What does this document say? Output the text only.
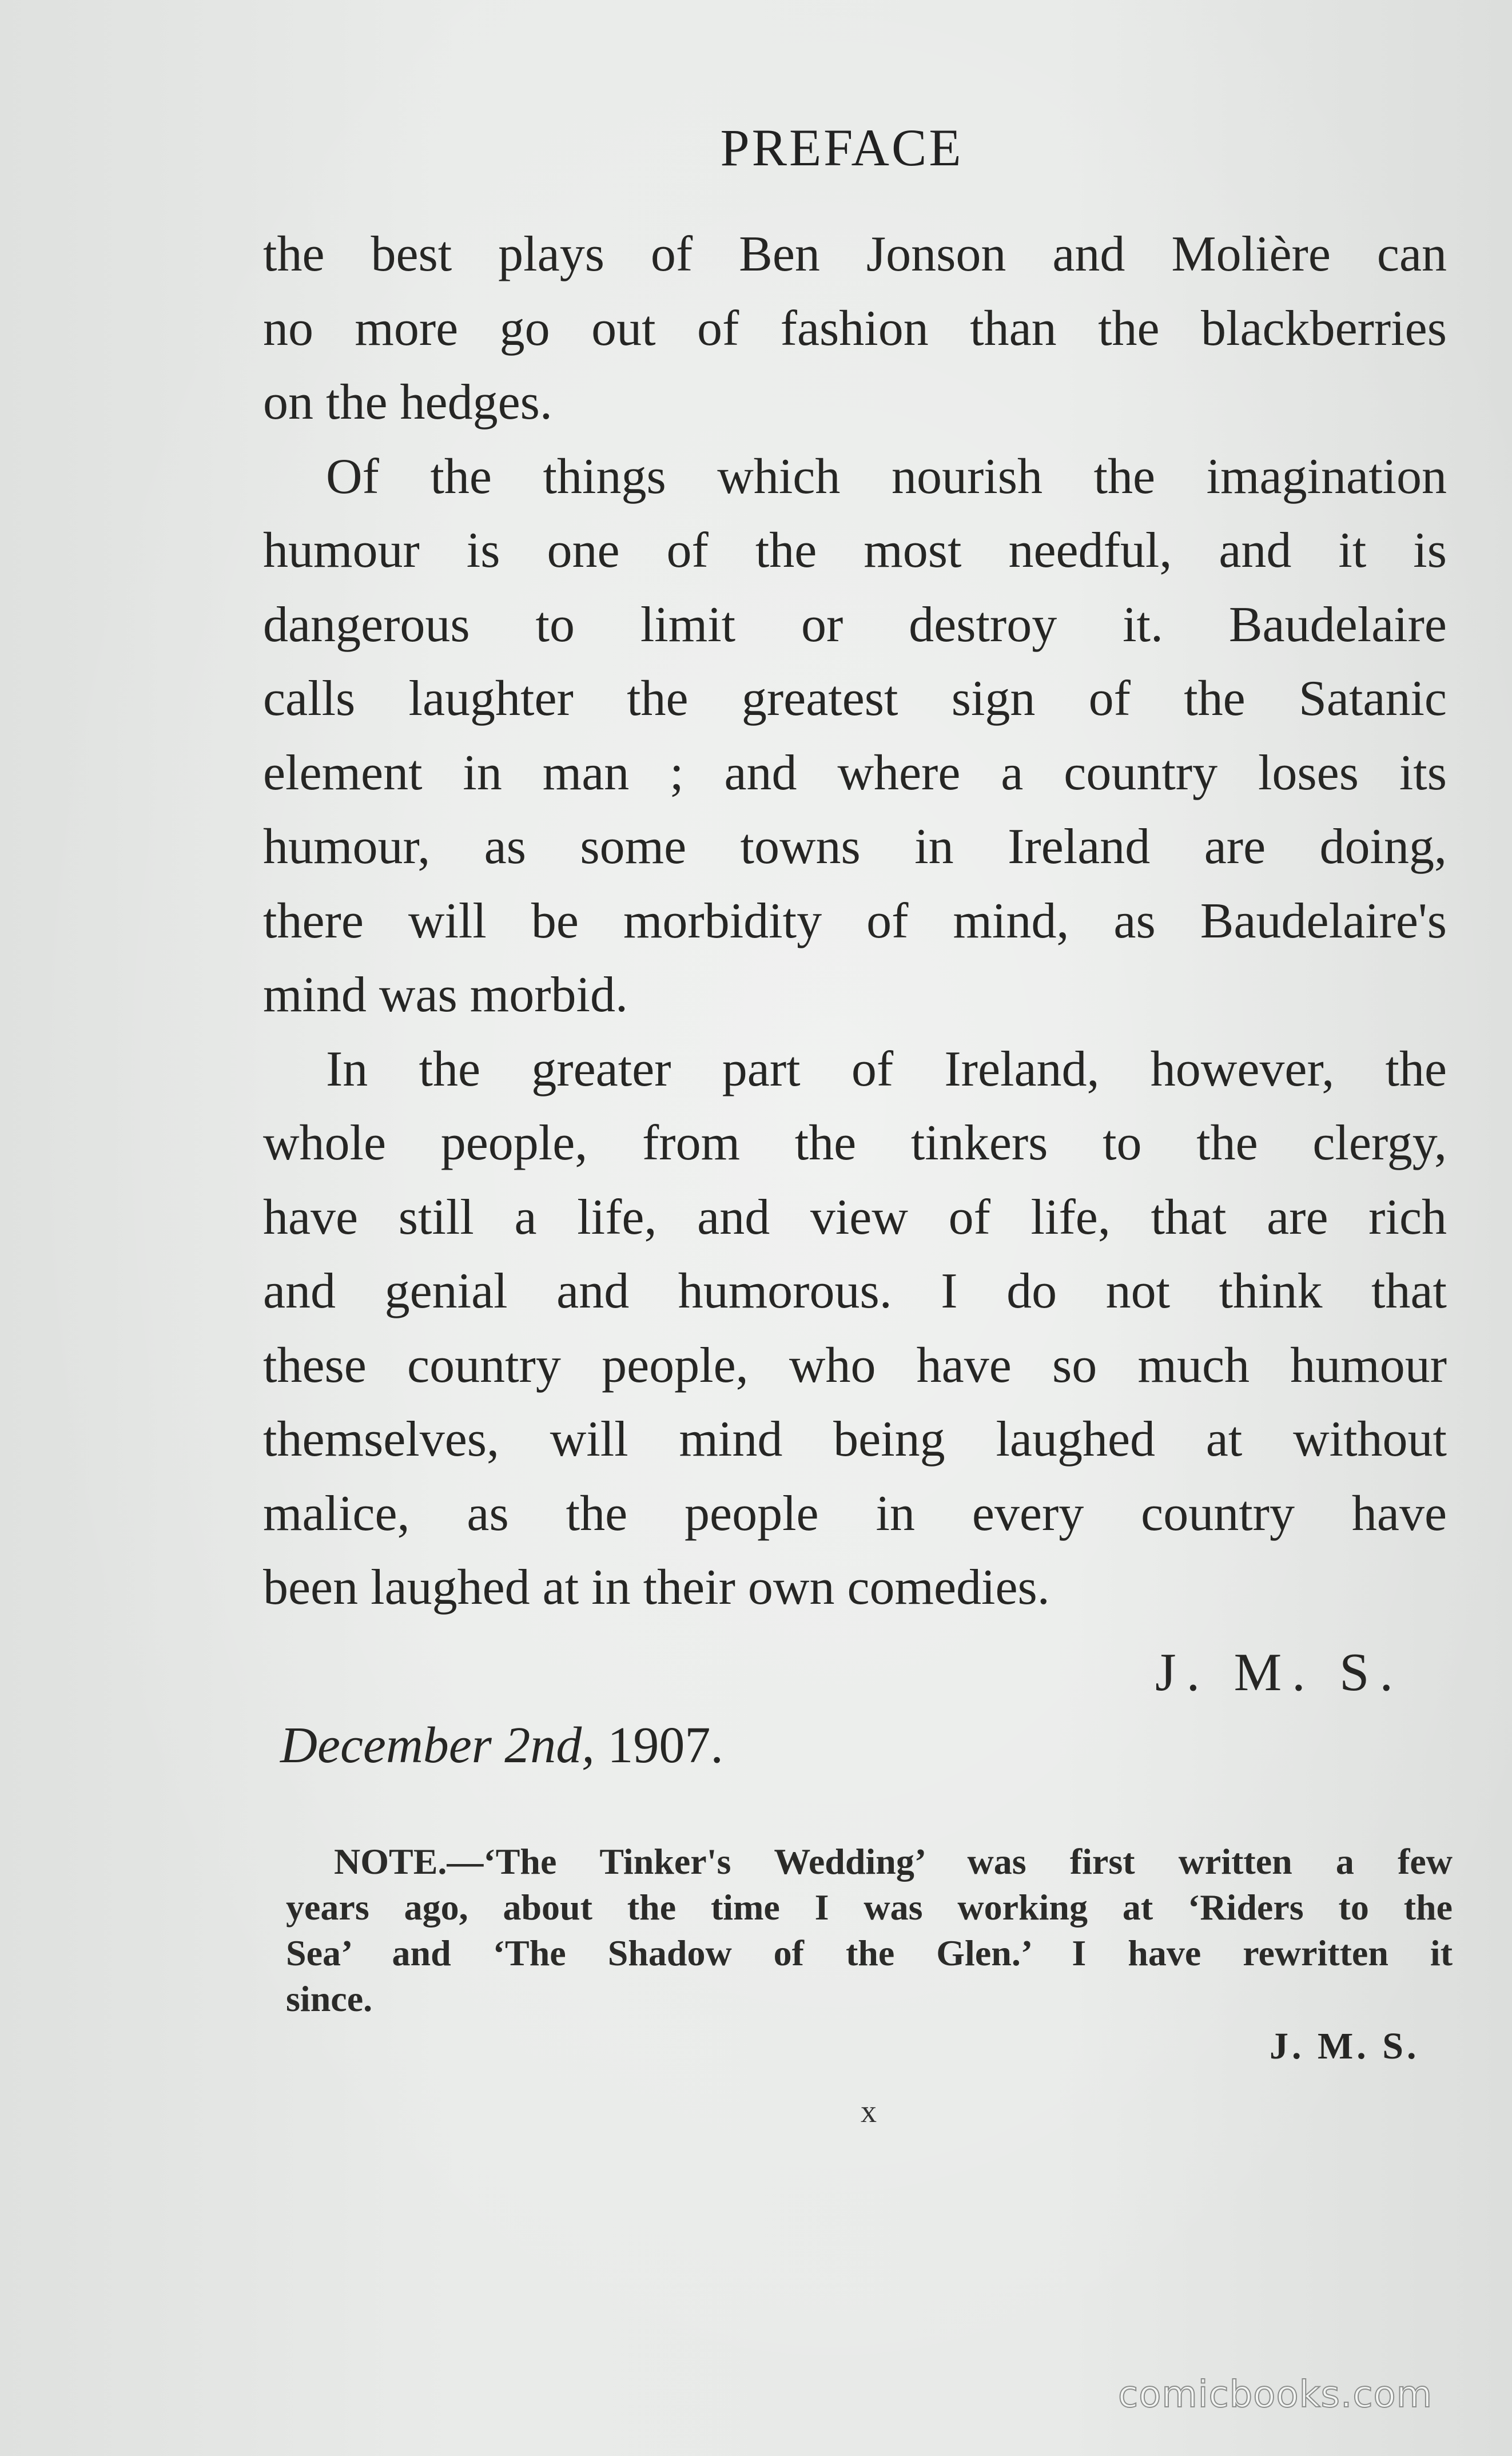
PREFACE

the best plays of Ben Jonson and Molière can
no more go out of fashion than the blackberries
on the hedges.

Of the things which nourish the imagination
humour is one of the most needful, and it is
dangerous to limit or destroy it. Baudelaire
calls laughter the greatest sign of the Satanic
element in man ; and where a country loses its
humour, as some towns in Ireland are doing,
there will be morbidity of mind, as Baudelaire's
mind was morbid.

In the greater part of Ireland, however, the
whole people, from the tinkers to the clergy,
have still a life, and view of life, that are rich
and genial and humorous. I do not think that
these country people, who have so much humour
themselves, will mind being laughed at without
malice, as the people in every country have
been laughed at in their own comedies.

J. M. S.
December 2nd, 1907.
NOTE.—‘The Tinker's Wedding’ was first written a few
years ago, about the time I was working at ‘Riders to the
Sea’ and ‘The Shadow of the Glen.’ I have rewritten it
since.
J. M. S.
x
comicbooks.com
